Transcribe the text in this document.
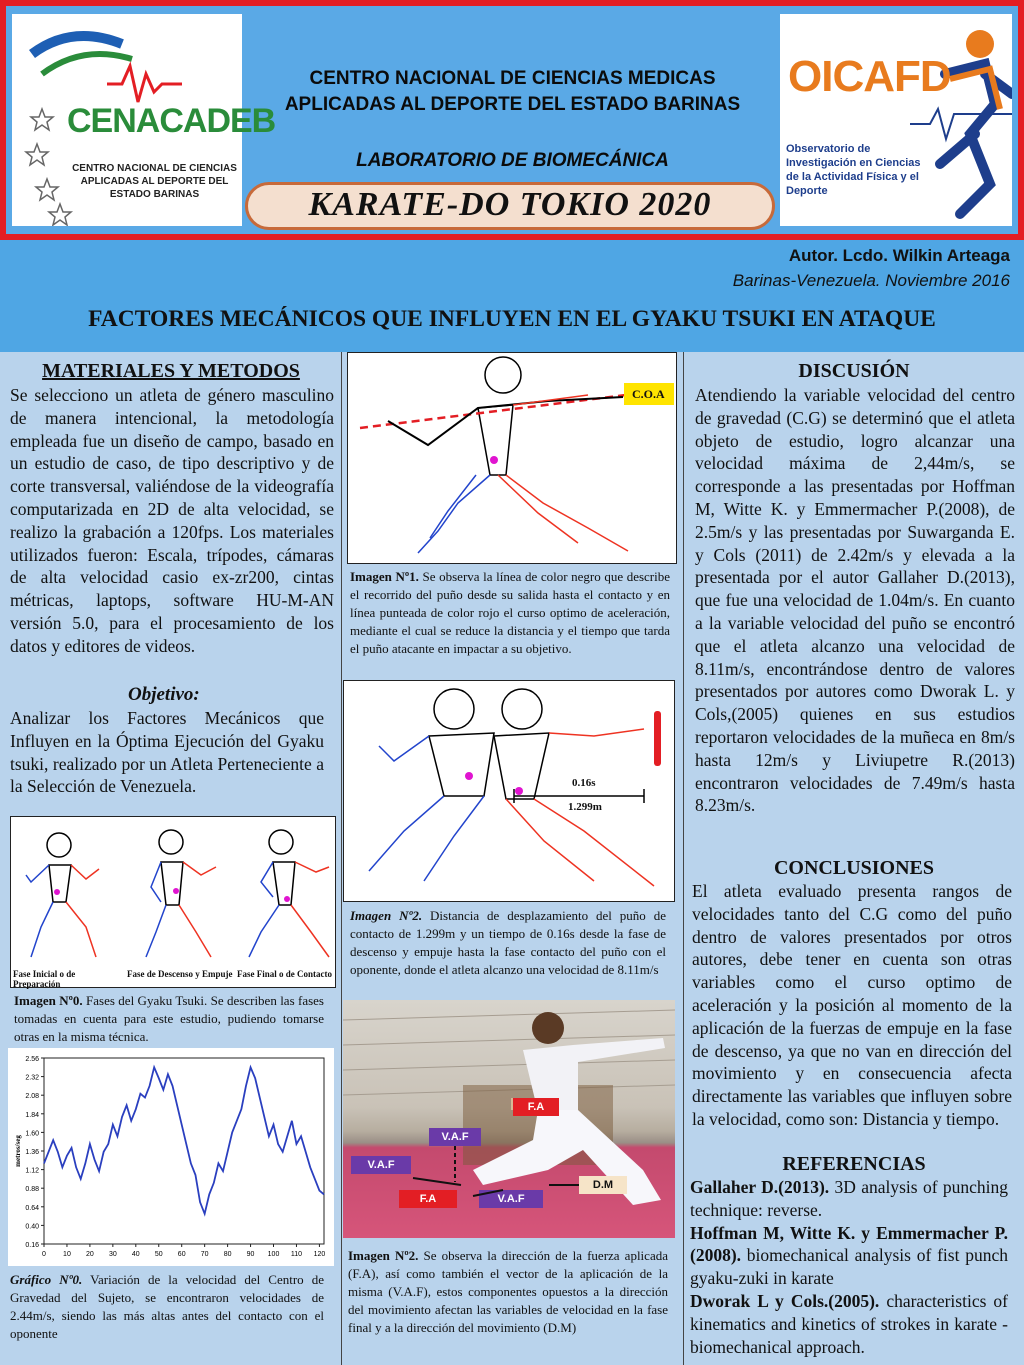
CENACADEB
CENTRO NACIONAL DE CIENCIAS APLICADAS AL DEPORTE DEL ESTADO BARINAS
OICAFD
Observatorio de Investigación en Ciencias de la Actividad Física y el Deporte
CENTRO NACIONAL DE CIENCIAS MEDICAS
APLICADAS AL DEPORTE DEL ESTADO BARINAS
LABORATORIO DE BIOMECÁNICA
KARATE-DO TOKIO 2020
Autor. Lcdo. Wilkin Arteaga
Barinas-Venezuela. Noviembre 2016
FACTORES MECÁNICOS QUE INFLUYEN EN EL GYAKU TSUKI EN ATAQUE
MATERIALES Y METODOS
Se selecciono un atleta de género masculino de manera intencional, la metodología empleada fue un diseño de campo, basado en un estudio de caso, de tipo descriptivo y de corte transversal, valiéndose de la videografía computarizada en 2D de alta velocidad, se realizo la grabación a 120fps. Los materiales utilizados fueron: Escala, trípodes, cámaras de alta velocidad casio ex-zr200, cintas métricas, laptops, software HU-M-AN versión 5.0, para el procesamiento de los datos y editores de videos.
Objetivo:
Analizar los Factores Mecánicos que Influyen en la Óptima Ejecución del Gyaku tsuki, realizado por un Atleta Perteneciente a la Selección de Venezuela.
Fase Inicial o de Preparación
Fase de Descenso y Empuje Fase Final o de Contacto
Imagen Nº0. Fases del Gyaku Tsuki. Se describen las fases tomadas en cuenta para este estudio, pudiendo tomarse otras en la misma técnica.
0.16
0.40
0.64
0.88
1.12
1.36
1.60
1.84
2.08
2.32
2.56
0 10 20 30 40 50 60 70 80 90 100 110 120
metros/seg
Gráfico Nº0. Variación de la velocidad del Centro de Gravedad del Sujeto, se encontraron velocidades de 2.44m/s, siendo las más altas antes del contacto con el oponente
C.O.A
Imagen Nº1. Se observa la línea de color negro que describe el recorrido del puño desde su salida hasta el contacto y en línea punteada de color rojo el curso optimo de aceleración, mediante el cual se reduce la distancia y el tiempo que tarda el puño atacante en impactar a su objetivo.
0.16s
1.299m
Imagen Nº2. Distancia de desplazamiento del puño de contacto de 1.299m y un tiempo de 0.16s desde la fase de descenso y empuje hasta la fase contacto del puño con el oponente, donde el atleta alcanzo una velocidad de 8.11m/s
F.A
V.A.F
V.A.F
F.A	V.A.F
D.M
Imagen Nº2. Se observa la dirección de la fuerza aplicada (F.A), así como también el vector de la aplicación de la misma (V.A.F), estos componentes opuestos a la dirección del movimiento afectan las variables de velocidad en la fase final y a la dirección del movimiento (D.M)
DISCUSIÓN
Atendiendo la variable velocidad del centro de gravedad (C.G) se determinó que el atleta objeto de estudio, logro alcanzar una velocidad máxima de 2,44m/s, se corresponde a las presentadas por Hoffman M, Witte K. y Emmermacher P.(2008), de 2.5m/s y las presentadas por Suwarganda E. y Cols (2011) de 2.42m/s y elevada a la presentada por el autor Gallaher D.(2013), que fue una velocidad de 1.04m/s. En cuanto a la variable velocidad del puño se encontró que el atleta alcanzo una velocidad de 8.11m/s, encontrándose dentro de valores presentados por autores como Dworak L. y Cols,(2005) quienes en sus estudios reportaron velocidades de la muñeca en 8m/s hasta 12m/s y Liviupetre R.(2013) encontraron velocidades de 7.49m/s hasta 8.23m/s.
CONCLUSIONES
El atleta evaluado presenta rangos de velocidades tanto del C.G como del puño dentro de valores presentados por otros autores, debe tener en cuenta son otras variables como el curso optimo de aceleración y la posición al momento de la aplicación de la fuerzas de empuje en la fase de descenso, ya que no van en dirección del movimiento y en consecuencia afecta directamente las variables que influyen sobre la velocidad, como son: Distancia y tiempo.
REFERENCIAS
Gallaher D.(2013). 3D analysis of punching technique: reverse.
Hoffman M, Witte K. y Emmermacher P.(2008). biomechanical analysis of fist punch gyaku-zuki in karate
Dworak L y Cols.(2005). characteristics of kinematics and kinetics of strokes in karate -biomechanical approach.
